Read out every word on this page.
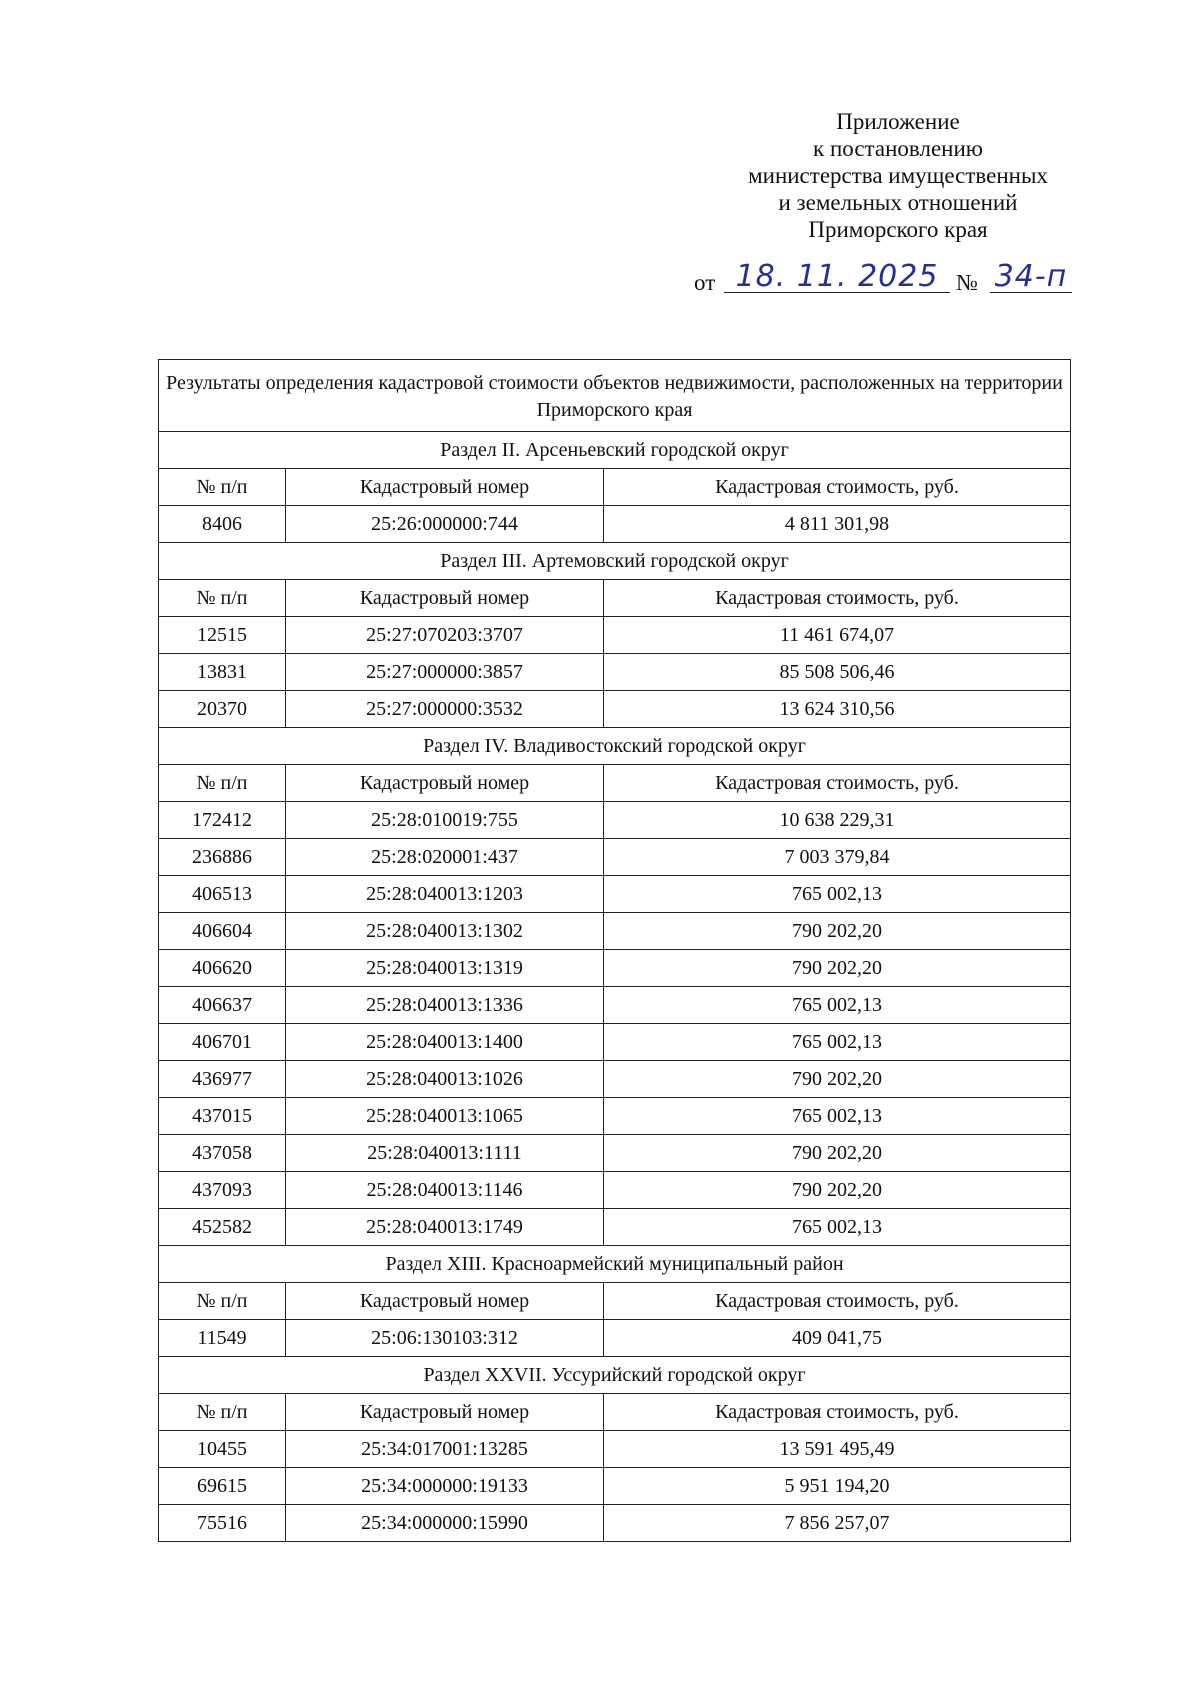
Приложение
к постановлению
министерства имущественных
и земельных отношений
Приморского края
от 18. 11. 2025 № 34-п
Результаты определения кадастровой стоимости объектов недвижимости, расположенных на территории Приморского края		
Раздел II. Арсеньевский городской округ		
№ п/п	Кадастровый номер	Кадастровая стоимость, руб.
8406	25:26:000000:744	4 811 301,98
Раздел III. Артемовский городской округ		
№ п/п	Кадастровый номер	Кадастровая стоимость, руб.
12515	25:27:070203:3707	11 461 674,07
13831	25:27:000000:3857	85 508 506,46
20370	25:27:000000:3532	13 624 310,56
Раздел IV. Владивостокский городской округ		
№ п/п	Кадастровый номер	Кадастровая стоимость, руб.
172412	25:28:010019:755	10 638 229,31
236886	25:28:020001:437	7 003 379,84
406513	25:28:040013:1203	765 002,13
406604	25:28:040013:1302	790 202,20
406620	25:28:040013:1319	790 202,20
406637	25:28:040013:1336	765 002,13
406701	25:28:040013:1400	765 002,13
436977	25:28:040013:1026	790 202,20
437015	25:28:040013:1065	765 002,13
437058	25:28:040013:1111	790 202,20
437093	25:28:040013:1146	790 202,20
452582	25:28:040013:1749	765 002,13
Раздел XIII. Красноармейский муниципальный район		
№ п/п	Кадастровый номер	Кадастровая стоимость, руб.
11549	25:06:130103:312	409 041,75
Раздел XXVII. Уссурийский городской округ		
№ п/п	Кадастровый номер	Кадастровая стоимость, руб.
10455	25:34:017001:13285	13 591 495,49
69615	25:34:000000:19133	5 951 194,20
75516	25:34:000000:15990	7 856 257,07
